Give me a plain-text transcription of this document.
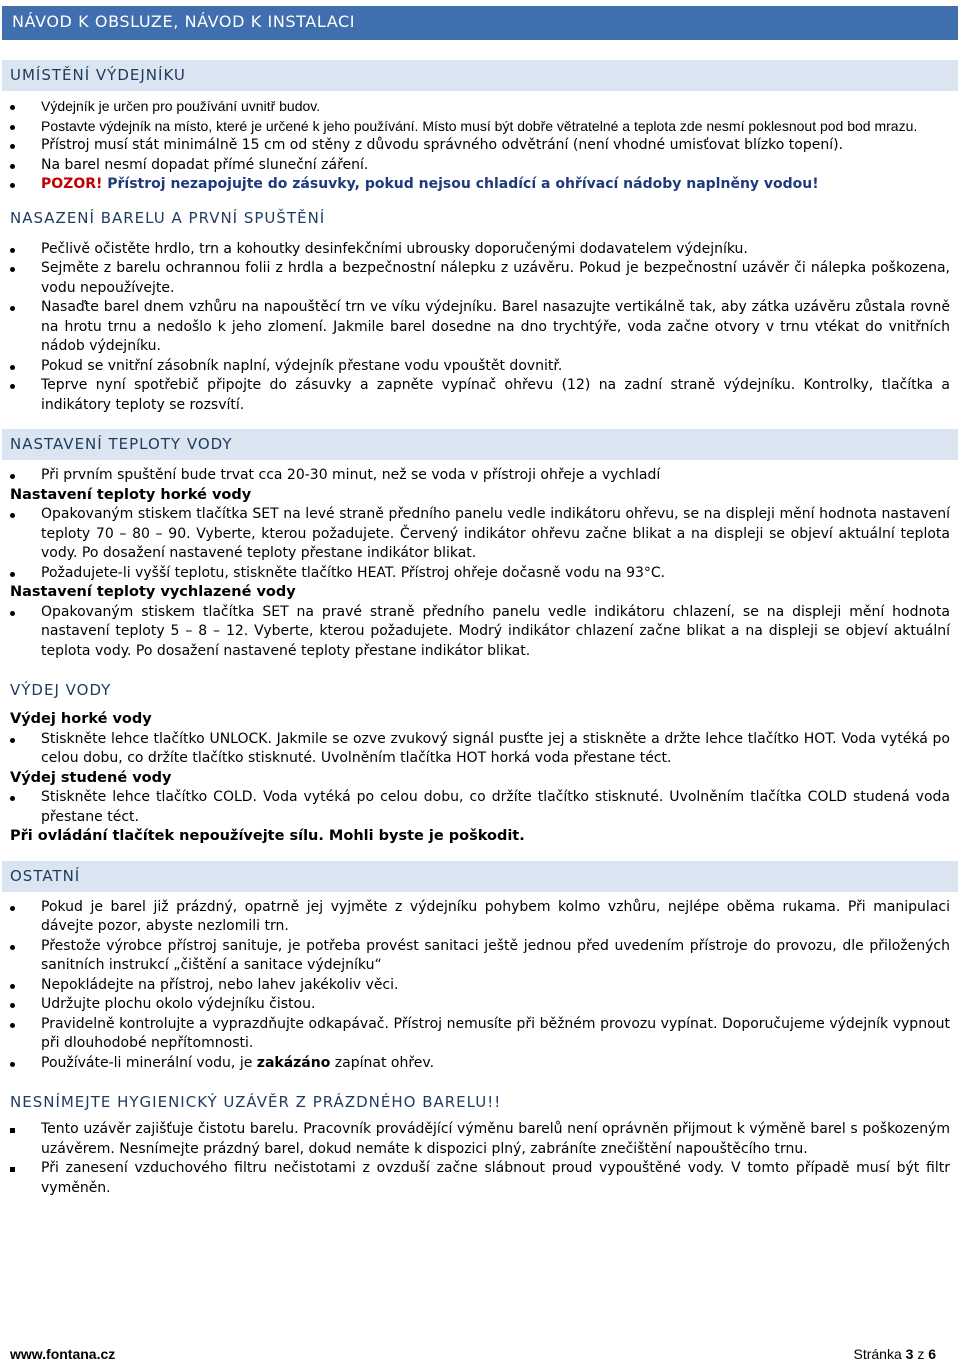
NÁVOD K OBSLUZE, NÁVOD K INSTALACI
UMÍSTĚNÍ VÝDEJNÍKU
Výdejník je určen pro používání uvnitř budov.
Postavte výdejník na místo, které je určené k jeho používání. Místo musí být dobře větratelné a teplota zde nesmí poklesnout pod bod mrazu.
Přístroj musí stát minimálně 15 cm od stěny z důvodu správného odvětrání (není vhodné umisťovat blízko topení).
Na barel nesmí dopadat přímé sluneční záření.
POZOR! Přístroj nezapojujte do zásuvky, pokud nejsou chladící a ohřívací nádoby naplněny vodou!
NASAZENÍ BARELU A PRVNÍ SPUŠTĚNÍ
Pečlivě očistěte hrdlo, trn a kohoutky desinfekčními ubrousky doporučenými dodavatelem výdejníku.
Sejměte z barelu ochrannou folii z hrdla a bezpečnostní nálepku z uzávěru. Pokud je bezpečnostní uzávěr či nálepka poškozena, vodu nepoužívejte.
Nasaďte barel dnem vzhůru na napouštěcí trn ve víku výdejníku. Barel nasazujte vertikálně tak, aby zátka uzávěru zůstala rovně na hrotu trnu a nedošlo k jeho zlomení. Jakmile barel dosedne na dno trychtýře, voda začne otvory v trnu vtékat do vnitřních nádob výdejníku.
Pokud se vnitřní zásobník naplní, výdejník přestane vodu vpouštět dovnitř.
Teprve nyní spotřebič připojte do zásuvky a zapněte vypínač ohřevu (12) na zadní straně výdejníku. Kontrolky, tlačítka a indikátory teploty se rozsvítí.
NASTAVENÍ TEPLOTY VODY
Při prvním spuštění bude trvat cca 20-30 minut, než se voda v přístroji ohřeje a vychladí
Nastavení teploty horké vody
Opakovaným stiskem tlačítka SET na levé straně předního panelu vedle indikátoru ohřevu, se na displeji mění hodnota nastavení teploty 70 – 80 – 90. Vyberte, kterou požadujete. Červený indikátor ohřevu začne blikat a na displeji se objeví aktuální teplota vody. Po dosažení nastavené teploty přestane indikátor blikat.
Požadujete-li vyšší teplotu, stiskněte tlačítko HEAT. Přístroj ohřeje dočasně vodu na 93°C.
Nastavení teploty vychlazené vody
Opakovaným stiskem tlačítka SET na pravé straně předního panelu vedle indikátoru chlazení, se na displeji mění hodnota nastavení teploty 5 – 8 – 12. Vyberte, kterou požadujete. Modrý indikátor chlazení začne blikat a na displeji se objeví aktuální teplota vody. Po dosažení nastavené teploty přestane indikátor blikat.
VÝDEJ VODY
Výdej horké vody
Stiskněte lehce tlačítko UNLOCK. Jakmile se ozve zvukový signál pusťte jej a stiskněte a držte lehce tlačítko HOT. Voda vytéká po celou dobu, co držíte tlačítko stisknuté. Uvolněním tlačítka HOT horká voda přestane téct.
Výdej studené vody
Stiskněte lehce tlačítko COLD. Voda vytéká po celou dobu, co držíte tlačítko stisknuté. Uvolněním tlačítka COLD studená voda přestane téct.
Při ovládání tlačítek nepoužívejte sílu. Mohli byste je poškodit.
OSTATNÍ
Pokud je barel již prázdný, opatrně jej vyjměte z výdejníku pohybem kolmo vzhůru, nejlépe oběma rukama. Při manipulaci dávejte pozor, abyste nezlomili trn.
Přestože výrobce přístroj sanituje, je potřeba provést sanitaci ještě jednou před uvedením přístroje do provozu, dle přiložených sanitních instrukcí „čištění a sanitace výdejníku“
Nepokládejte na přístroj, nebo lahev jakékoliv věci.
Udržujte plochu okolo výdejníku čistou.
Pravidelně kontrolujte a vyprazdňujte odkapávač. Přístroj nemusíte při běžném provozu vypínat. Doporučujeme výdejník vypnout při dlouhodobé nepřítomnosti.
Používáte-li minerální vodu, je zakázáno zapínat ohřev.
NESNÍMEJTE HYGIENICKÝ UZÁVĚR Z PRÁZDNÉHO BARELU!!
Tento uzávěr zajišťuje čistotu barelu. Pracovník provádějící výměnu barelů není oprávněn přijmout k výměně barel s poškozeným uzávěrem. Nesnímejte prázdný barel, dokud nemáte k dispozici plný, zabráníte znečištění napouštěcího trnu.
Při zanesení vzduchového filtru nečistotami z ovzduší začne slábnout proud vypouštěné vody. V tomto případě musí být filtr vyměněn.
www.fontana.cz	Stránka 3 z 6
